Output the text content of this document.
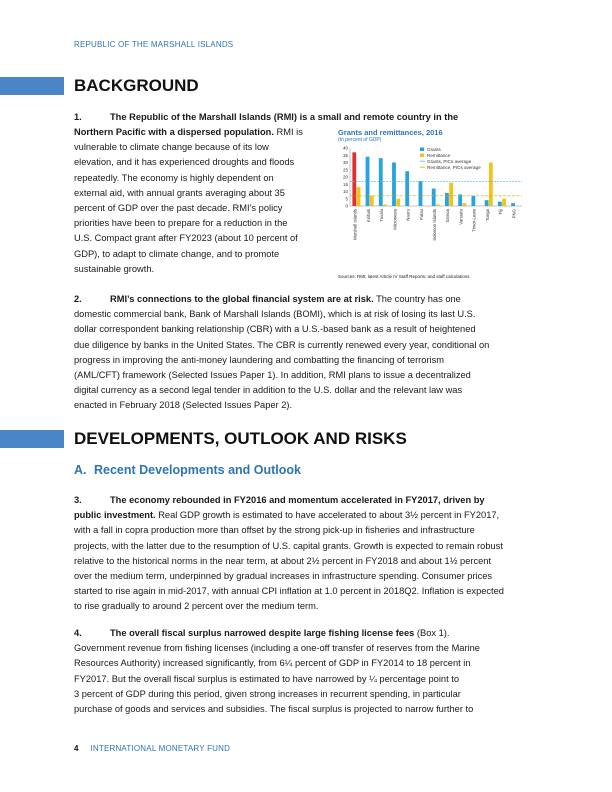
REPUBLIC OF THE MARSHALL ISLANDS
BACKGROUND
1.	The Republic of the Marshall Islands (RMI) is a small and remote country in the
Northern Pacific with a dispersed population. RMI is
vulnerable to climate change because of its low
elevation, and it has experienced droughts and floods
repeatedly. The economy is highly dependent on
external aid, with annual grants averaging about 35
percent of GDP over the past decade. RMI’s policy
priorities have been to prepare for a reduction in the
U.S. Compact grant after FY2023 (about 10 percent of
GDP), to adapt to climate change, and to promote
sustainable growth.
Grants and remittances, 2016
(In percent of GDP)
0
5
10
15
20
25
30
35
40
Marshall Islands Kiribati Tuvalu Micronesia Nauru Palau Solomon Islands Samoa Vanuatu Timor-Leste Tonga Fiji PNG
Grants
Remittance
Grants, PICs average
Remittance, PICs average
Sources: RMI; latest Article IV Staff Reports; and staff calculations.
2.	RMI’s connections to the global financial system are at risk. The country has one
domestic commercial bank, Bank of Marshall Islands (BOMI), which is at risk of losing its last U.S.
dollar correspondent banking relationship (CBR) with a U.S.-based bank as a result of heightened
due diligence by banks in the United States. The CBR is currently renewed every year, conditional on
progress in improving the anti-money laundering and combatting the financing of terrorism
(AML/CFT) framework (Selected Issues Paper 1). In addition, RMI plans to issue a decentralized
digital currency as a second legal tender in addition to the U.S. dollar and the relevant law was
enacted in February 2018 (Selected Issues Paper 2).
DEVELOPMENTS, OUTLOOK AND RISKS
A. Recent Developments and Outlook
3.	The economy rebounded in FY2016 and momentum accelerated in FY2017, driven by
public investment. Real GDP growth is estimated to have accelerated to about 3½ percent in FY2017,
with a fall in copra production more than offset by the strong pick-up in fisheries and infrastructure
projects, with the latter due to the resumption of U.S. capital grants. Growth is expected to remain robust
relative to the historical norms in the near term, at about 2½ percent in FY2018 and about 1½ percent
over the medium term, underpinned by gradual increases in infrastructure spending. Consumer prices
started to rise again in mid-2017, with annual CPI inflation at 1.0 percent in 2018Q2. Inflation is expected
to rise gradually to around 2 percent over the medium term.
4.	The overall fiscal surplus narrowed despite large fishing license fees (Box 1).
Government revenue from fishing licenses (including a one-off transfer of reserves from the Marine
Resources Authority) increased significantly, from 6¼ percent of GDP in FY2014 to 18 percent in
FY2017. But the overall fiscal surplus is estimated to have narrowed by ¼ percentage point to
3 percent of GDP during this period, given strong increases in recurrent spending, in particular
purchase of goods and services and subsidies. The fiscal surplus is projected to narrow further to
4 INTERNATIONAL MONETARY FUND
